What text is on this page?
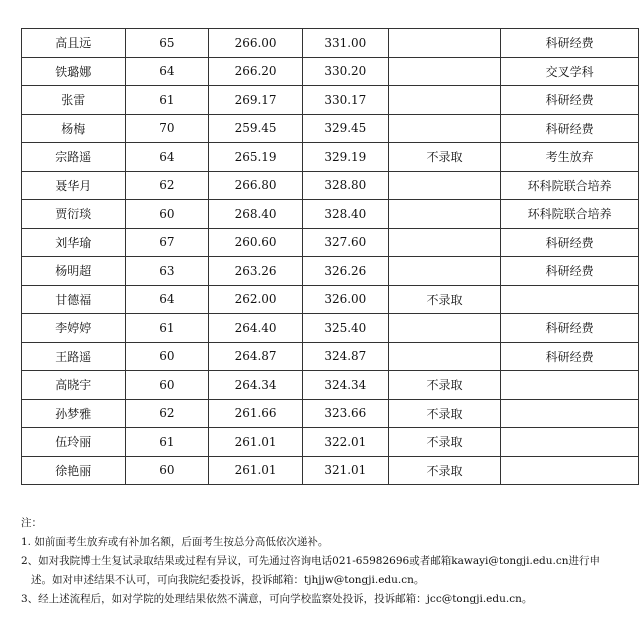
高且远	65	266.00	331.00		科研经费
铁璐娜	64	266.20	330.20		交叉学科
张雷	61	269.17	330.17		科研经费
杨梅	70	259.45	329.45		科研经费
宗路遥	64	265.19	329.19	不录取	考生放弃
聂华月	62	266.80	328.80		环科院联合培养
贾衍琰	60	268.40	328.40		环科院联合培养
刘华瑜	67	260.60	327.60		科研经费
杨明超	63	263.26	326.26		科研经费
甘德福	64	262.00	326.00	不录取	
李婷婷	61	264.40	325.40		科研经费
王路遥	60	264.87	324.87		科研经费
高晓宇	60	264.34	324.34	不录取	
孙梦雅	62	261.66	323.66	不录取	
伍玲丽	61	261.01	322.01	不录取	
徐艳丽	60	261.01	321.01	不录取	

注：

1. 如前面考生放弃或有补加名额，后面考生按总分高低依次递补。

2、如对我院博士生复试录取结果或过程有异议，可先通过咨询电话021-65982696或者邮箱kawayi@tongji.edu.cn进行申

述。如对申述结果不认可，可向我院纪委投诉，投诉邮箱：tjhjjw@tongji.edu.cn。

3、经上述流程后，如对学院的处理结果依然不满意，可向学校监察处投诉，投诉邮箱：jcc@tongji.edu.cn。
